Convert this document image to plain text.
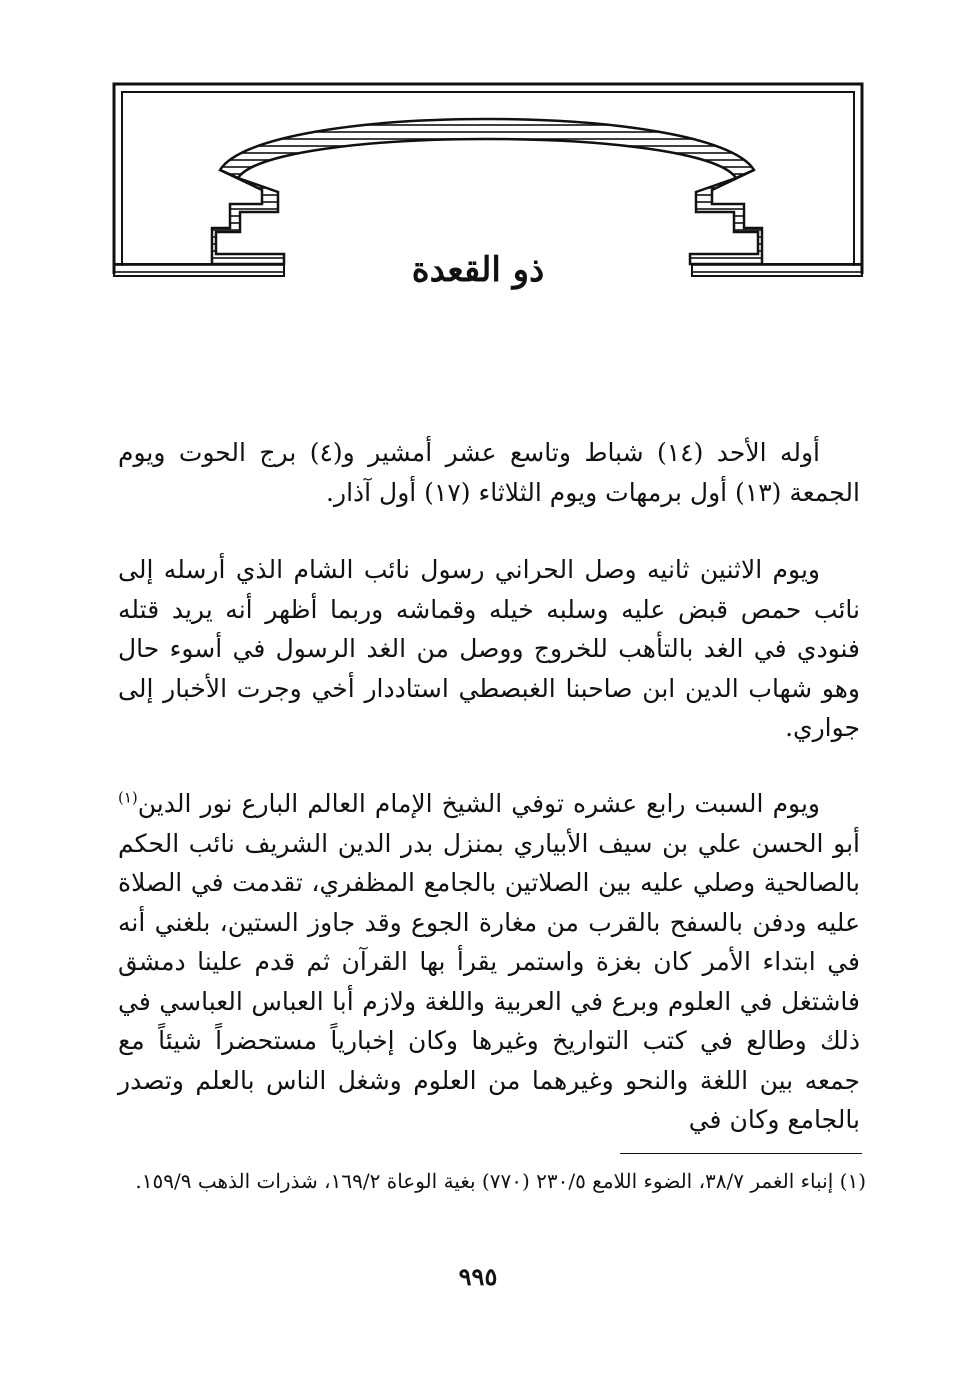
ذو القعدة

أوله الأحد (١٤) شباط وتاسع عشر أمشير و(٤) برج الحوت ويوم الجمعة (١٣) أول برمهات ويوم الثلاثاء (١٧) أول آذار.

ويوم الاثنين ثانيه وصل الحراني رسول نائب الشام الذي أرسله إلى نائب حمص قبض عليه وسلبه خيله وقماشه وربما أظهر أنه يريد قتله فنودي في الغد بالتأهب للخروج ووصل من الغد الرسول في أسوء حال وهو شهاب الدين ابن صاحبنا الغبصطي استاددار أخي وجرت الأخبار إلى جواري.

ويوم السبت رابع عشره توفي الشيخ الإمام العالم البارع نور الدين$^{(١)}$ أبو الحسن علي بن سيف الأبياري بمنزل بدر الدين الشريف نائب الحكم بالصالحية وصلي عليه بين الصلاتين بالجامع المظفري، تقدمت في الصلاة عليه ودفن بالسفح بالقرب من مغارة الجوع وقد جاوز الستين، بلغني أنه في ابتداء الأمر كان بغزة واستمر يقرأ بها القرآن ثم قدم علينا دمشق فاشتغل في العلوم وبرع في العربية واللغة ولازم أبا العباس العباسي في ذلك وطالع في كتب التواريخ وغيرها وكان إخبارياً مستحضراً شيئاً مع جمعه بين اللغة والنحو وغيرهما من العلوم وشغل الناس بالعلم وتصدر بالجامع وكان في

(١) إنباء الغمر ٣٨/٧، الضوء اللامع ٢٣٠/٥ (٧٧٠) بغية الوعاة ١٦٩/٢، شذرات الذهب ١٥٩/٩.
٩٩٥
